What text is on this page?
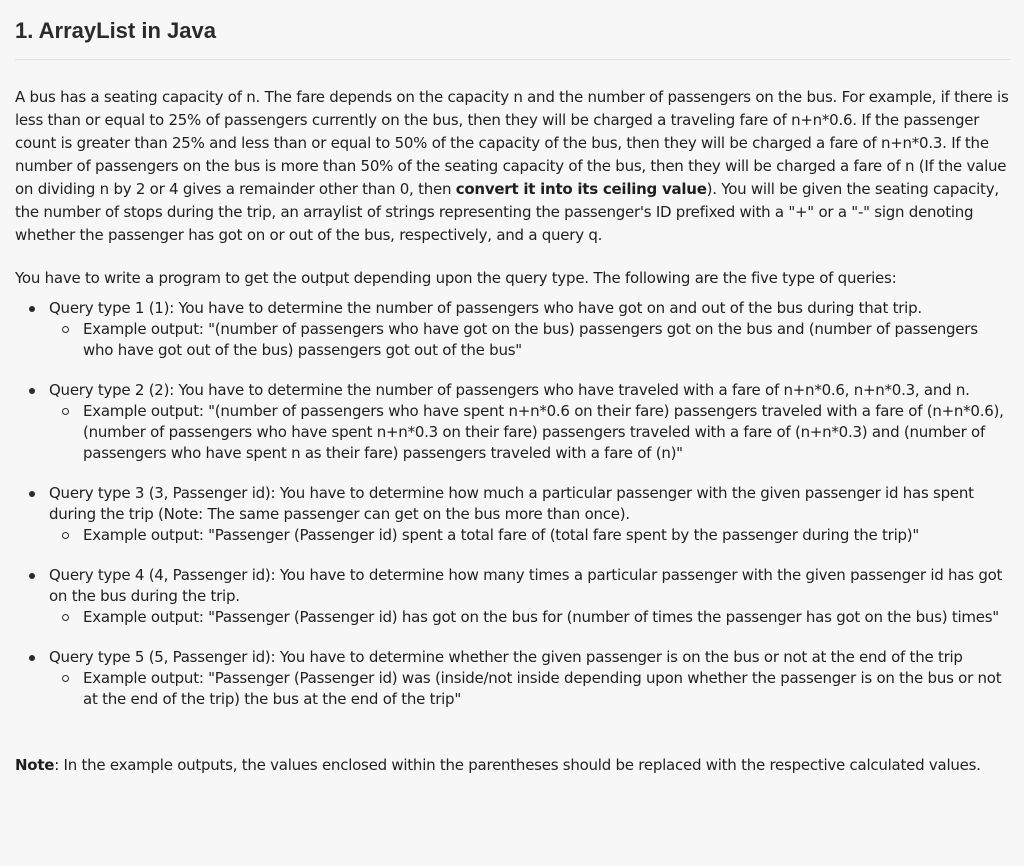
1. ArrayList in Java

A bus has a seating capacity of n. The fare depends on the capacity n and the number of passengers on the bus. For example, if there is less than or equal to 25% of passengers currently on the bus, then they will be charged a traveling fare of n+n*0.6. If the passenger count is greater than 25% and less than or equal to 50% of the capacity of the bus, then they will be charged a fare of n+n*0.3. If the number of passengers on the bus is more than 50% of the seating capacity of the bus, then they will be charged a fare of n (If the value on dividing n by 2 or 4 gives a remainder other than 0, then convert it into its ceiling value). You will be given the seating capacity, the number of stops during the trip, an arraylist of strings representing the passenger's ID prefixed with a "+" or a "-" sign denoting whether the passenger has got on or out of the bus, respectively, and a query q.

You have to write a program to get the output depending upon the query type. The following are the five type of queries:

Query type 1 (1): You have to determine the number of passengers who have got on and out of the bus during that trip.
Example output: "(number of passengers who have got on the bus) passengers got on the bus and (number of passengers who have got out of the bus) passengers got out of the bus"
Query type 2 (2): You have to determine the number of passengers who have traveled with a fare of n+n*0.6, n+n*0.3, and n.
Example output: "(number of passengers who have spent n+n*0.6 on their fare) passengers traveled with a fare of (n+n*0.6), (number of passengers who have spent n+n*0.3 on their fare) passengers traveled with a fare of (n+n*0.3) and (number of passengers who have spent n as their fare) passengers traveled with a fare of (n)"
Query type 3 (3, Passenger id): You have to determine how much a particular passenger with the given passenger id has spent during the trip (Note: The same passenger can get on the bus more than once).
Example output: "Passenger (Passenger id) spent a total fare of (total fare spent by the passenger during the trip)"
Query type 4 (4, Passenger id): You have to determine how many times a particular passenger with the given passenger id has got on the bus during the trip.
Example output: "Passenger (Passenger id) has got on the bus for (number of times the passenger has got on the bus) times"
Query type 5 (5, Passenger id): You have to determine whether the given passenger is on the bus or not at the end of the trip
Example output: "Passenger (Passenger id) was (inside/not inside depending upon whether the passenger is on the bus or not at the end of the trip) the bus at the end of the trip"

Note: In the example outputs, the values enclosed within the parentheses should be replaced with the respective calculated values.
